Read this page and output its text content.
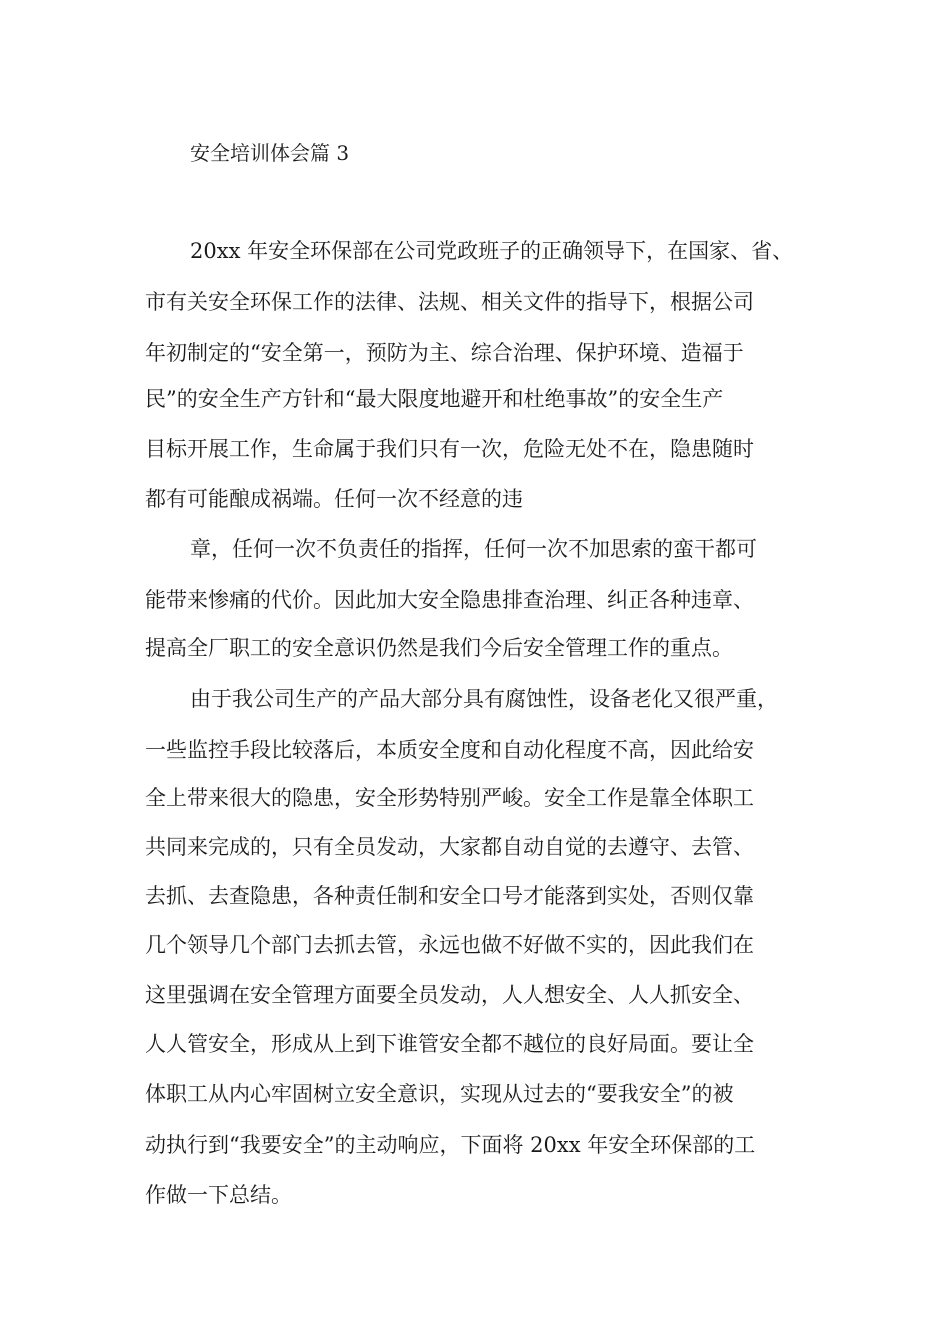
安全培训体会篇 3
20xx 年安全环保部在公司党政班子的正确领导下，在国家、省、
市有关安全环保工作的法律、法规、相关文件的指导下，根据公司
年初制定的“安全第一，预防为主、综合治理、保护环境、造福于
民”的安全生产方针和“最大限度地避开和杜绝事故”的安全生产
目标开展工作，生命属于我们只有一次，危险无处不在，隐患随时
都有可能酿成祸端。任何一次不经意的违
章，任何一次不负责任的指挥，任何一次不加思索的蛮干都可
能带来惨痛的代价。因此加大安全隐患排查治理、纠正各种违章、
提高全厂职工的安全意识仍然是我们今后安全管理工作的重点。
由于我公司生产的产品大部分具有腐蚀性，设备老化又很严重，
一些监控手段比较落后，本质安全度和自动化程度不高，因此给安
全上带来很大的隐患，安全形势特别严峻。安全工作是靠全体职工
共同来完成的，只有全员发动，大家都自动自觉的去遵守、去管、
去抓、去查隐患，各种责任制和安全口号才能落到实处，否则仅靠
几个领导几个部门去抓去管，永远也做不好做不实的，因此我们在
这里强调在安全管理方面要全员发动，人人想安全、人人抓安全、
人人管安全，形成从上到下谁管安全都不越位的良好局面。要让全
体职工从内心牢固树立安全意识，实现从过去的“要我安全”的被
动执行到“我要安全”的主动响应，下面将 20xx 年安全环保部的工
作做一下总结。
